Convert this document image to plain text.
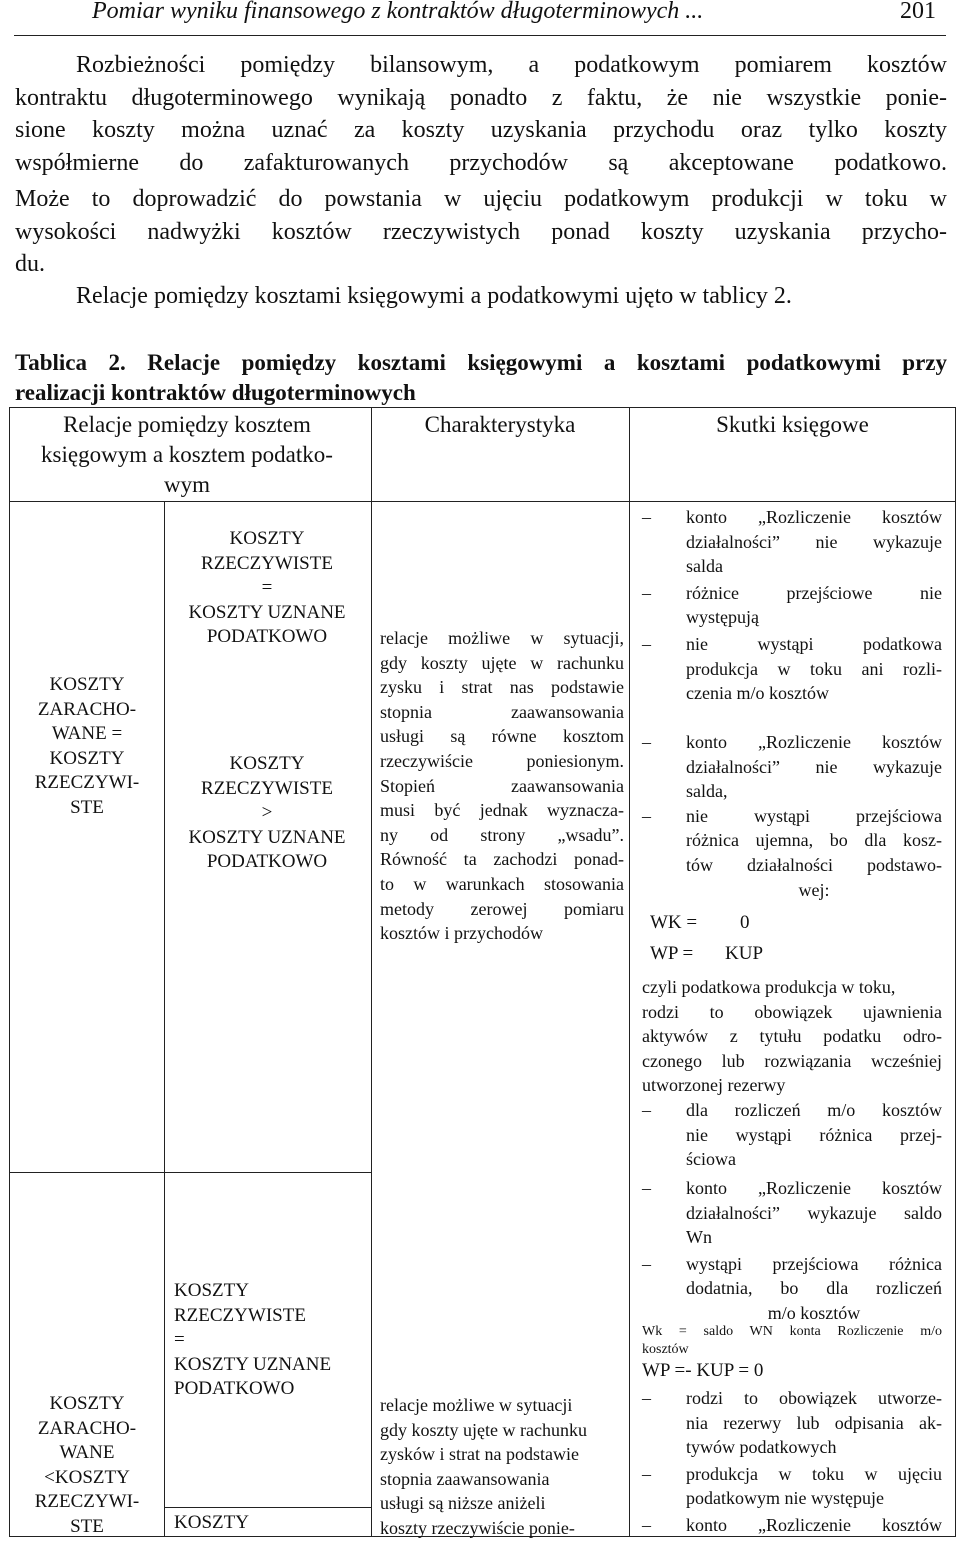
Pomiar wyniku finansowego z kontraktów długoterminowych ...	201
Rozbieżności pomiędzy bilansowym, a podatkowym pomiarem kosztów
kontraktu długoterminowego wynikają ponadto z faktu, że nie wszystkie ponie-
sione koszty można uznać za koszty uzyskania przychodu oraz tylko koszty
współmierne do zafakturowanych przychodów są akceptowane podatkowo.
Może to doprowadzić do powstania w ujęciu podatkowym produkcji w toku w
wysokości nadwyżki kosztów rzeczywistych ponad koszty uzyskania przycho-
du.
Relacje pomiędzy kosztami księgowymi a podatkowymi ujęto w tablicy 2.
Tablica 2. Relacje pomiędzy kosztami księgowymi a kosztami podatkowymi przy
realizacji kontraktów długoterminowych
Relacje pomiędzy kosztem
księgowym a kosztem podatko-
wym
Charakterystyka	Skutki księgowe
KOSZTY
ZARACHO-
WANE =
KOSZTY
RZECZYWI-
STE
KOSZTY
RZECZYWISTE
=
KOSZTY UZNANE
PODATKOWO
KOSZTY
RZECZYWISTE
>
KOSZTY UZNANE
PODATKOWO
relacje możliwe w sytuacji,
gdy koszty ujęte w rachunku
zysku i strat nas podstawie
stopnia zaawansowania
usługi są równe kosztom
rzeczywiście poniesionym.
Stopień zaawansowania
musi być jednak wyznacza-
ny od strony „wsadu”.
Równość ta zachodzi ponad-
to w warunkach stosowania
metody zerowej pomiaru
kosztów i przychodów
– konto „Rozliczenie kosztów
działalności” nie wykazuje
salda
– różnice przejściowe nie
występują
– nie wystąpi podatkowa
produkcja w toku ani rozli-
czenia m/o kosztów
– konto „Rozliczenie kosztów
działalności” nie wykazuje
salda,
– nie wystąpi przejściowa
różnica ujemna, bo dla kosz-
tów działalności podstawo-
wej:
WK = 0
WP = KUP
czyli podatkowa produkcja w toku,
rodzi to obowiązek ujawnienia
aktywów z tytułu podatku odro-
czonego lub rozwiązania wcześniej
utworzonej rezerwy
– dla rozliczeń m/o kosztów
nie wystąpi różnica przej-
ściowa
KOSZTY
ZARACHO-
WANE
<KOSZTY
RZECZYWI-
STE
KOSZTY
RZECZYWISTE
=
KOSZTY UZNANE
PODATKOWO
KOSZTY
relacje możliwe w sytuacji
gdy koszty ujęte w rachunku
zysków i strat na podstawie
stopnia zaawansowania
usługi są niższe aniżeli
koszty rzeczywiście ponie-
– konto „Rozliczenie kosztów
działalności” wykazuje saldo
Wn
– wystąpi przejściowa różnica
dodatnia, bo dla rozliczeń
m/o kosztów
Wk = saldo WN konta Rozliczenie m/o
kosztów
WP =- KUP = 0
– rodzi to obowiązek utworze-
nia rezerwy lub odpisania ak-
tywów podatkowych
– produkcja w toku w ujęciu
podatkowym nie występuje
– konto „Rozliczenie kosztów
